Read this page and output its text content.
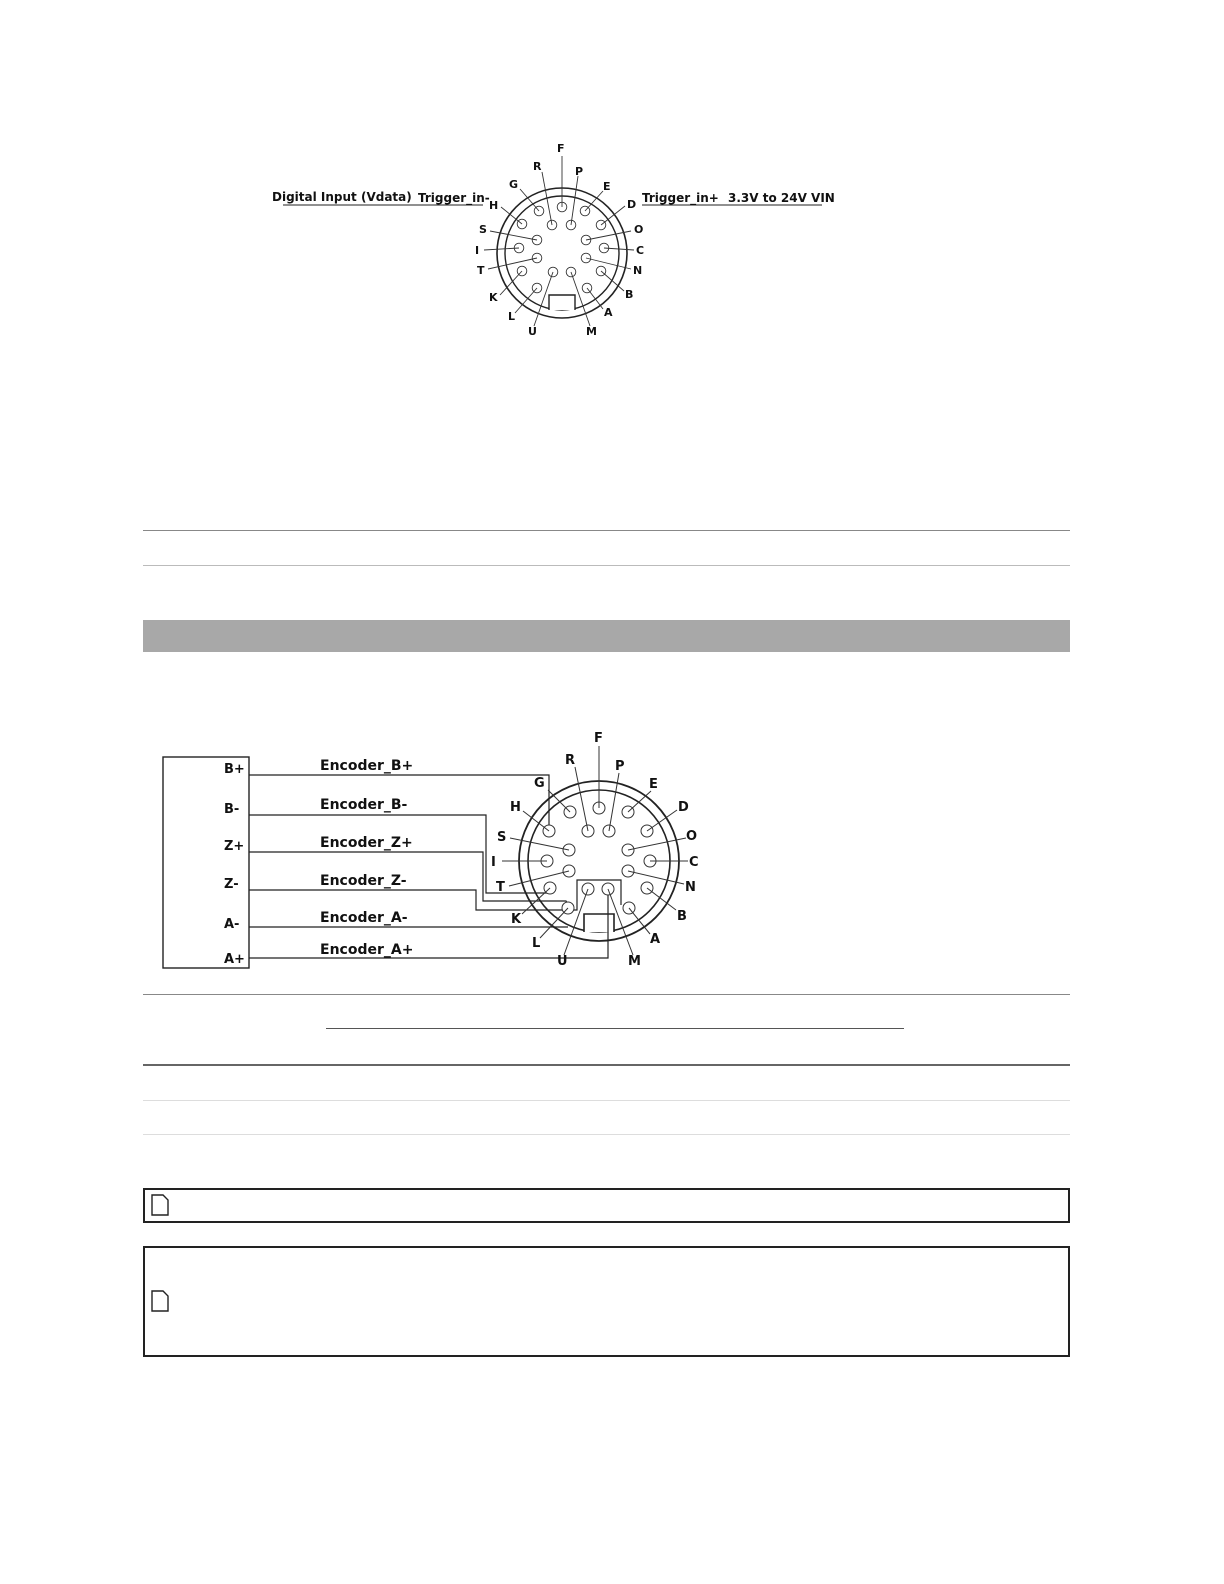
F
R	P
G	E
H	D
S	O
I	C
T	N
K	B
L	A
U	M
Digital Input (Vdata) Trigger_in-	Trigger_in+ 3.3V to 24V VIN
F
R	P
G	E
H	D
S	O
I	C
T	N
K	B
L	A
U	M
B+
B-
Z+
Z-
A-
A+
Encoder_B+
Encoder_B-
Encoder_Z+
Encoder_Z-
Encoder_A-
Encoder_A+
